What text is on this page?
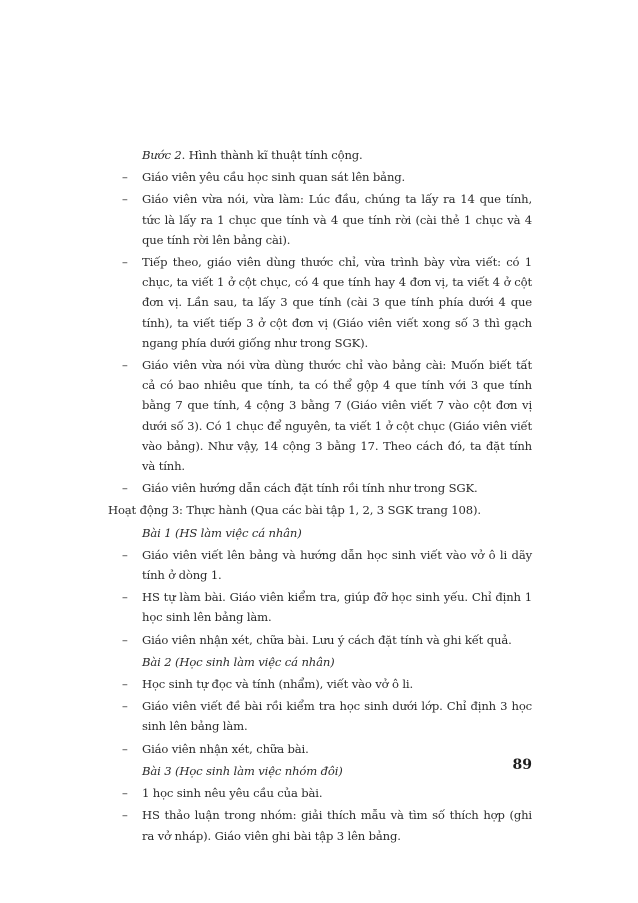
Bước 2. Hình thành kĩ thuật tính cộng.
– Giáo viên yêu cầu học sinh quan sát lên bảng.
– Giáo viên vừa nói, vừa làm: Lúc đầu, chúng ta lấy ra 14 que tính, tức là lấy ra 1 chục que tính và 4 que tính rời (cài thẻ 1 chục và 4 que tính rời lên bảng cài).
– Tiếp theo, giáo viên dùng thước chỉ, vừa trình bày vừa viết: có 1 chục, ta viết 1 ở cột chục, có 4 que tính hay 4 đơn vị, ta viết 4 ở cột đơn vị. Lần sau, ta lấy 3 que tính (cài 3 que tính phía dưới 4 que tính), ta viết tiếp 3 ở cột đơn vị (Giáo viên viết xong số 3 thì gạch ngang phía dưới giống như trong SGK).
– Giáo viên vừa nói vừa dùng thước chỉ vào bảng cài: Muốn biết tất cả có bao nhiêu que tính, ta có thể gộp 4 que tính với 3 que tính bằng 7 que tính, 4 cộng 3 bằng 7 (Giáo viên viết 7 vào cột đơn vị dưới số 3). Có 1 chục để nguyên, ta viết 1 ở cột chục (Giáo viên viết vào bảng). Như vậy, 14 cộng 3 bằng 17. Theo cách đó, ta đặt tính và tính.
– Giáo viên hướng dẫn cách đặt tính rồi tính như trong SGK.
Hoạt động 3: Thực hành (Qua các bài tập 1, 2, 3 SGK trang 108).
Bài 1 (HS làm việc cá nhân)
– Giáo viên viết lên bảng và hướng dẫn học sinh viết vào vở ô li dãy tính ở dòng 1.
– HS tự làm bài. Giáo viên kiểm tra, giúp đỡ học sinh yếu. Chỉ định 1 học sinh lên bảng làm.
– Giáo viên nhận xét, chữa bài. Lưu ý cách đặt tính và ghi kết quả.
Bài 2 (Học sinh làm việc cá nhân)
– Học sinh tự đọc và tính (nhẩm), viết vào vở ô li.
– Giáo viên viết đề bài rồi kiểm tra học sinh dưới lớp. Chỉ định 3 học sinh lên bảng làm.
– Giáo viên nhận xét, chữa bài.
Bài 3 (Học sinh làm việc nhóm đôi)
– 1 học sinh nêu yêu cầu của bài.
– HS thảo luận trong nhóm: giải thích mẫu và tìm số thích hợp (ghi ra vở nháp). Giáo viên ghi bài tập 3 lên bảng.
89
